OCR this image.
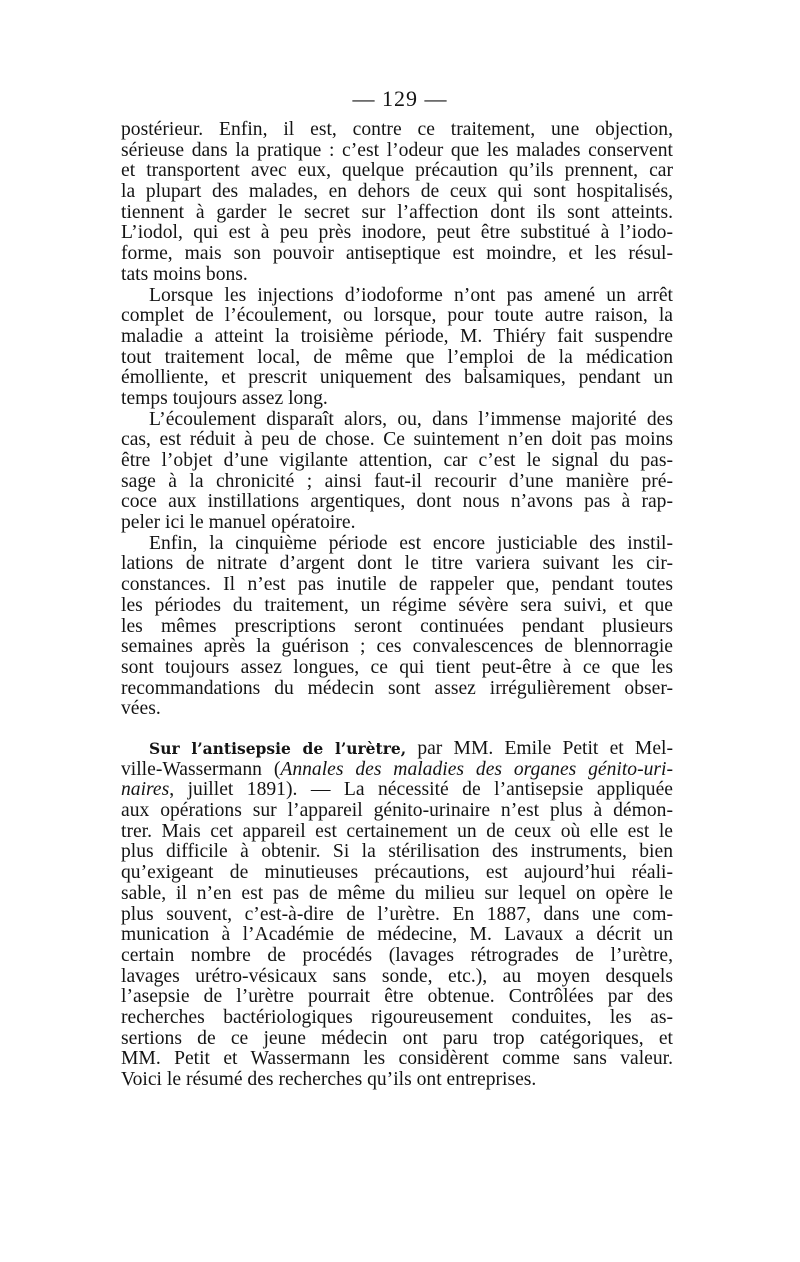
— 129 —
postérieur. Enfin, il est, contre ce traitement, une objection,
sérieuse dans la pratique : c’est l’odeur que les malades conservent
et transportent avec eux, quelque précaution qu’ils prennent, car
la plupart des malades, en dehors de ceux qui sont hospitalisés,
tiennent à garder le secret sur l’affection dont ils sont atteints.
L’iodol, qui est à peu près inodore, peut être substitué à l’iodo-
forme, mais son pouvoir antiseptique est moindre, et les résul-
tats moins bons.
Lorsque les injections d’iodoforme n’ont pas amené un arrêt
complet de l’écoulement, ou lorsque, pour toute autre raison, la
maladie a atteint la troisième période, M. Thiéry fait suspendre
tout traitement local, de même que l’emploi de la médication
émolliente, et prescrit uniquement des balsamiques, pendant un
temps toujours assez long.
L’écoulement disparaît alors, ou, dans l’immense majorité des
cas, est réduit à peu de chose. Ce suintement n’en doit pas moins
être l’objet d’une vigilante attention, car c’est le signal du pas-
sage à la chronicité ; ainsi faut-il recourir d’une manière pré-
coce aux instillations argentiques, dont nous n’avons pas à rap-
peler ici le manuel opératoire.
Enfin, la cinquième période est encore justiciable des instil-
lations de nitrate d’argent dont le titre variera suivant les cir-
constances. Il n’est pas inutile de rappeler que, pendant toutes
les périodes du traitement, un régime sévère sera suivi, et que
les mêmes prescriptions seront continuées pendant plusieurs
semaines après la guérison ; ces convalescences de blennorragie
sont toujours assez longues, ce qui tient peut-être à ce que les
recommandations du médecin sont assez irrégulièrement obser-
vées.
Sur l’antisepsie de l’urètre, par MM. Emile Petit et Mel-
ville-Wassermann (Annales des maladies des organes génito-uri-
naires, juillet 1891). — La nécessité de l’antisepsie appliquée
aux opérations sur l’appareil génito-urinaire n’est plus à démon-
trer. Mais cet appareil est certainement un de ceux où elle est le
plus difficile à obtenir. Si la stérilisation des instruments, bien
qu’exigeant de minutieuses précautions, est aujourd’hui réali-
sable, il n’en est pas de même du milieu sur lequel on opère le
plus souvent, c’est-à-dire de l’urètre. En 1887, dans une com-
munication à l’Académie de médecine, M. Lavaux a décrit un
certain nombre de procédés (lavages rétrogrades de l’urètre,
lavages urétro-vésicaux sans sonde, etc.), au moyen desquels
l’asepsie de l’urètre pourrait être obtenue. Contrôlées par des
recherches bactériologiques rigoureusement conduites, les as-
sertions de ce jeune médecin ont paru trop catégoriques, et
MM. Petit et Wassermann les considèrent comme sans valeur.
Voici le résumé des recherches qu’ils ont entreprises.
